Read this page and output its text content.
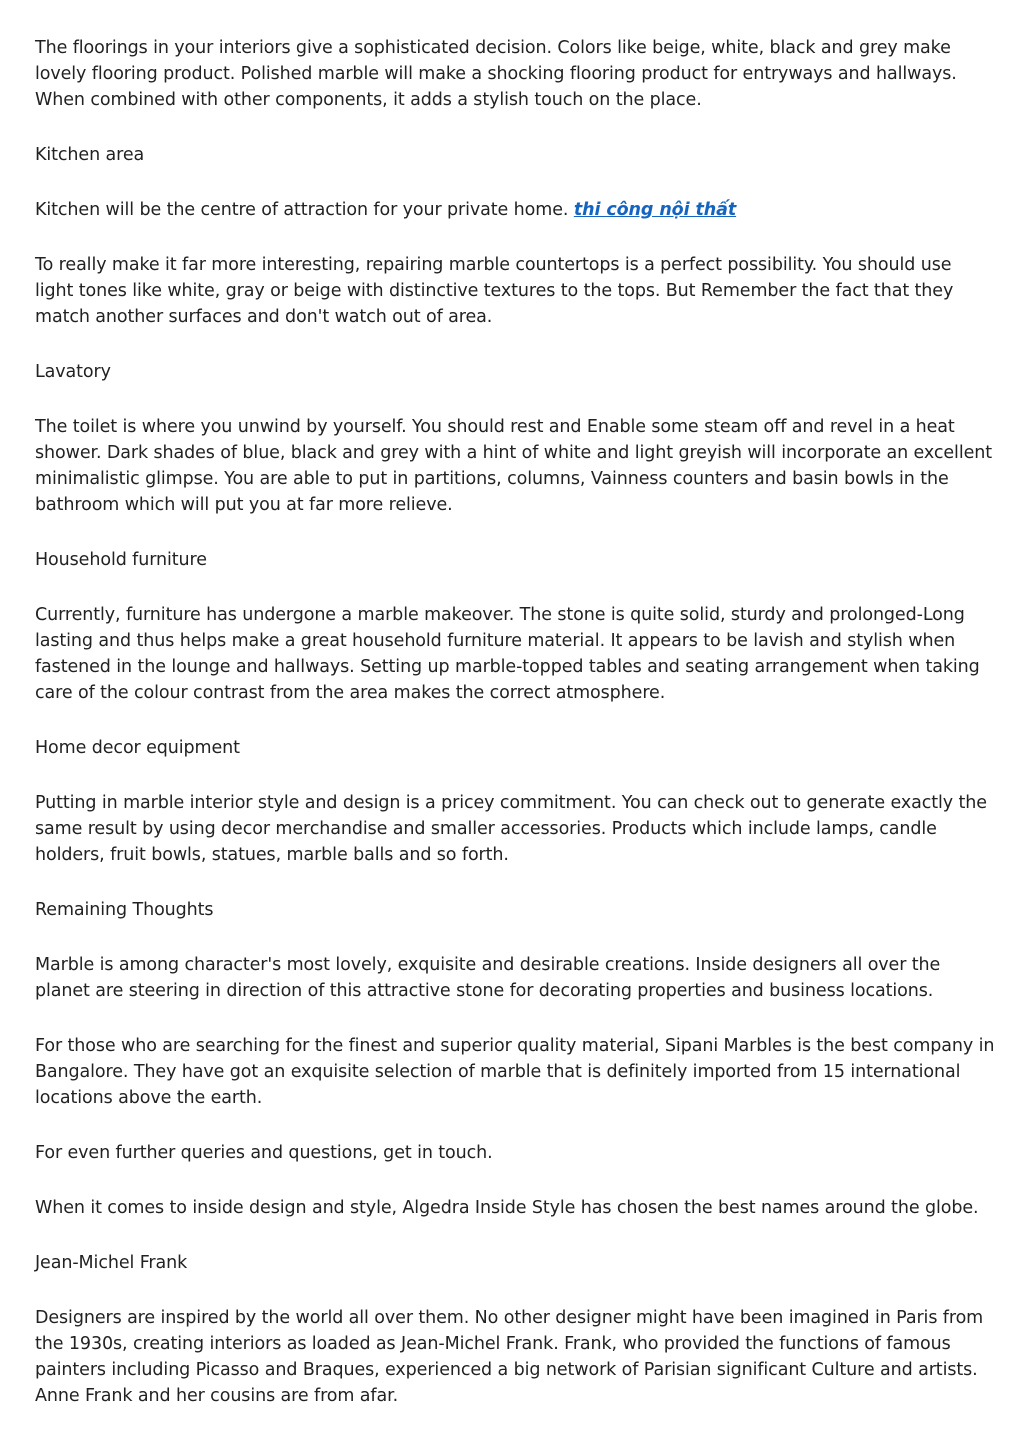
The floorings in your interiors give a sophisticated decision. Colors like beige, white, black and grey make lovely flooring product. Polished marble will make a shocking flooring product for entryways and hallways. When combined with other components, it adds a stylish touch on the place.

Kitchen area

Kitchen will be the centre of attraction for your private home. thi công nội thất

To really make it far more interesting, repairing marble countertops is a perfect possibility. You should use light tones like white, gray or beige with distinctive textures to the tops. But Remember the fact that they match another surfaces and don't watch out of area.

Lavatory

The toilet is where you unwind by yourself. You should rest and Enable some steam off and revel in a heat shower. Dark shades of blue, black and grey with a hint of white and light greyish will incorporate an excellent minimalistic glimpse. You are able to put in partitions, columns, Vainness counters and basin bowls in the bathroom which will put you at far more relieve.

Household furniture

Currently, furniture has undergone a marble makeover. The stone is quite solid, sturdy and prolonged-Long lasting and thus helps make a great household furniture material. It appears to be lavish and stylish when fastened in the lounge and hallways. Setting up marble-topped tables and seating arrangement when taking care of the colour contrast from the area makes the correct atmosphere.

Home decor equipment

Putting in marble interior style and design is a pricey commitment. You can check out to generate exactly the same result by using decor merchandise and smaller accessories. Products which include lamps, candle holders, fruit bowls, statues, marble balls and so forth.

Remaining Thoughts

Marble is among character's most lovely, exquisite and desirable creations. Inside designers all over the planet are steering in direction of this attractive stone for decorating properties and business locations.

For those who are searching for the finest and superior quality material, Sipani Marbles is the best company in Bangalore. They have got an exquisite selection of marble that is definitely imported from 15 international locations above the earth.

For even further queries and questions, get in touch.

When it comes to inside design and style, Algedra Inside Style has chosen the best names around the globe.

Jean-Michel Frank

Designers are inspired by the world all over them. No other designer might have been imagined in Paris from the 1930s, creating interiors as loaded as Jean-Michel Frank. Frank, who provided the functions of famous painters including Picasso and Braques, experienced a big network of Parisian significant Culture and artists. Anne Frank and her cousins are from afar.
